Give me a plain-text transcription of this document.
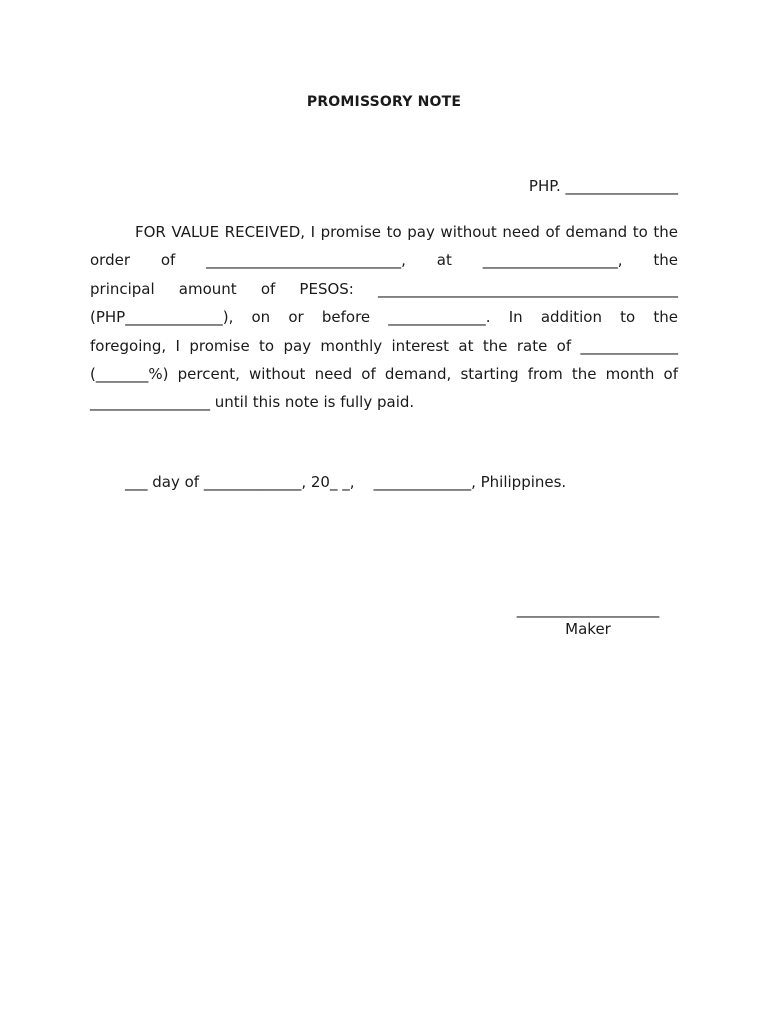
PROMISSORY NOTE
PHP. _______________
FOR VALUE RECEIVED, I promise to pay without need of demand to the
order of __________________________, at __________________, the
principal amount of PESOS: ________________________________________
(PHP_____________), on or before _____________. In addition to the
foregoing, I promise to pay monthly interest at the rate of _____________
(_______%) percent, without need of demand, starting from the month of
________________ until this note is fully paid.
___ day of _____________, 20_ _,    _____________, Philippines.
___________________
Maker
